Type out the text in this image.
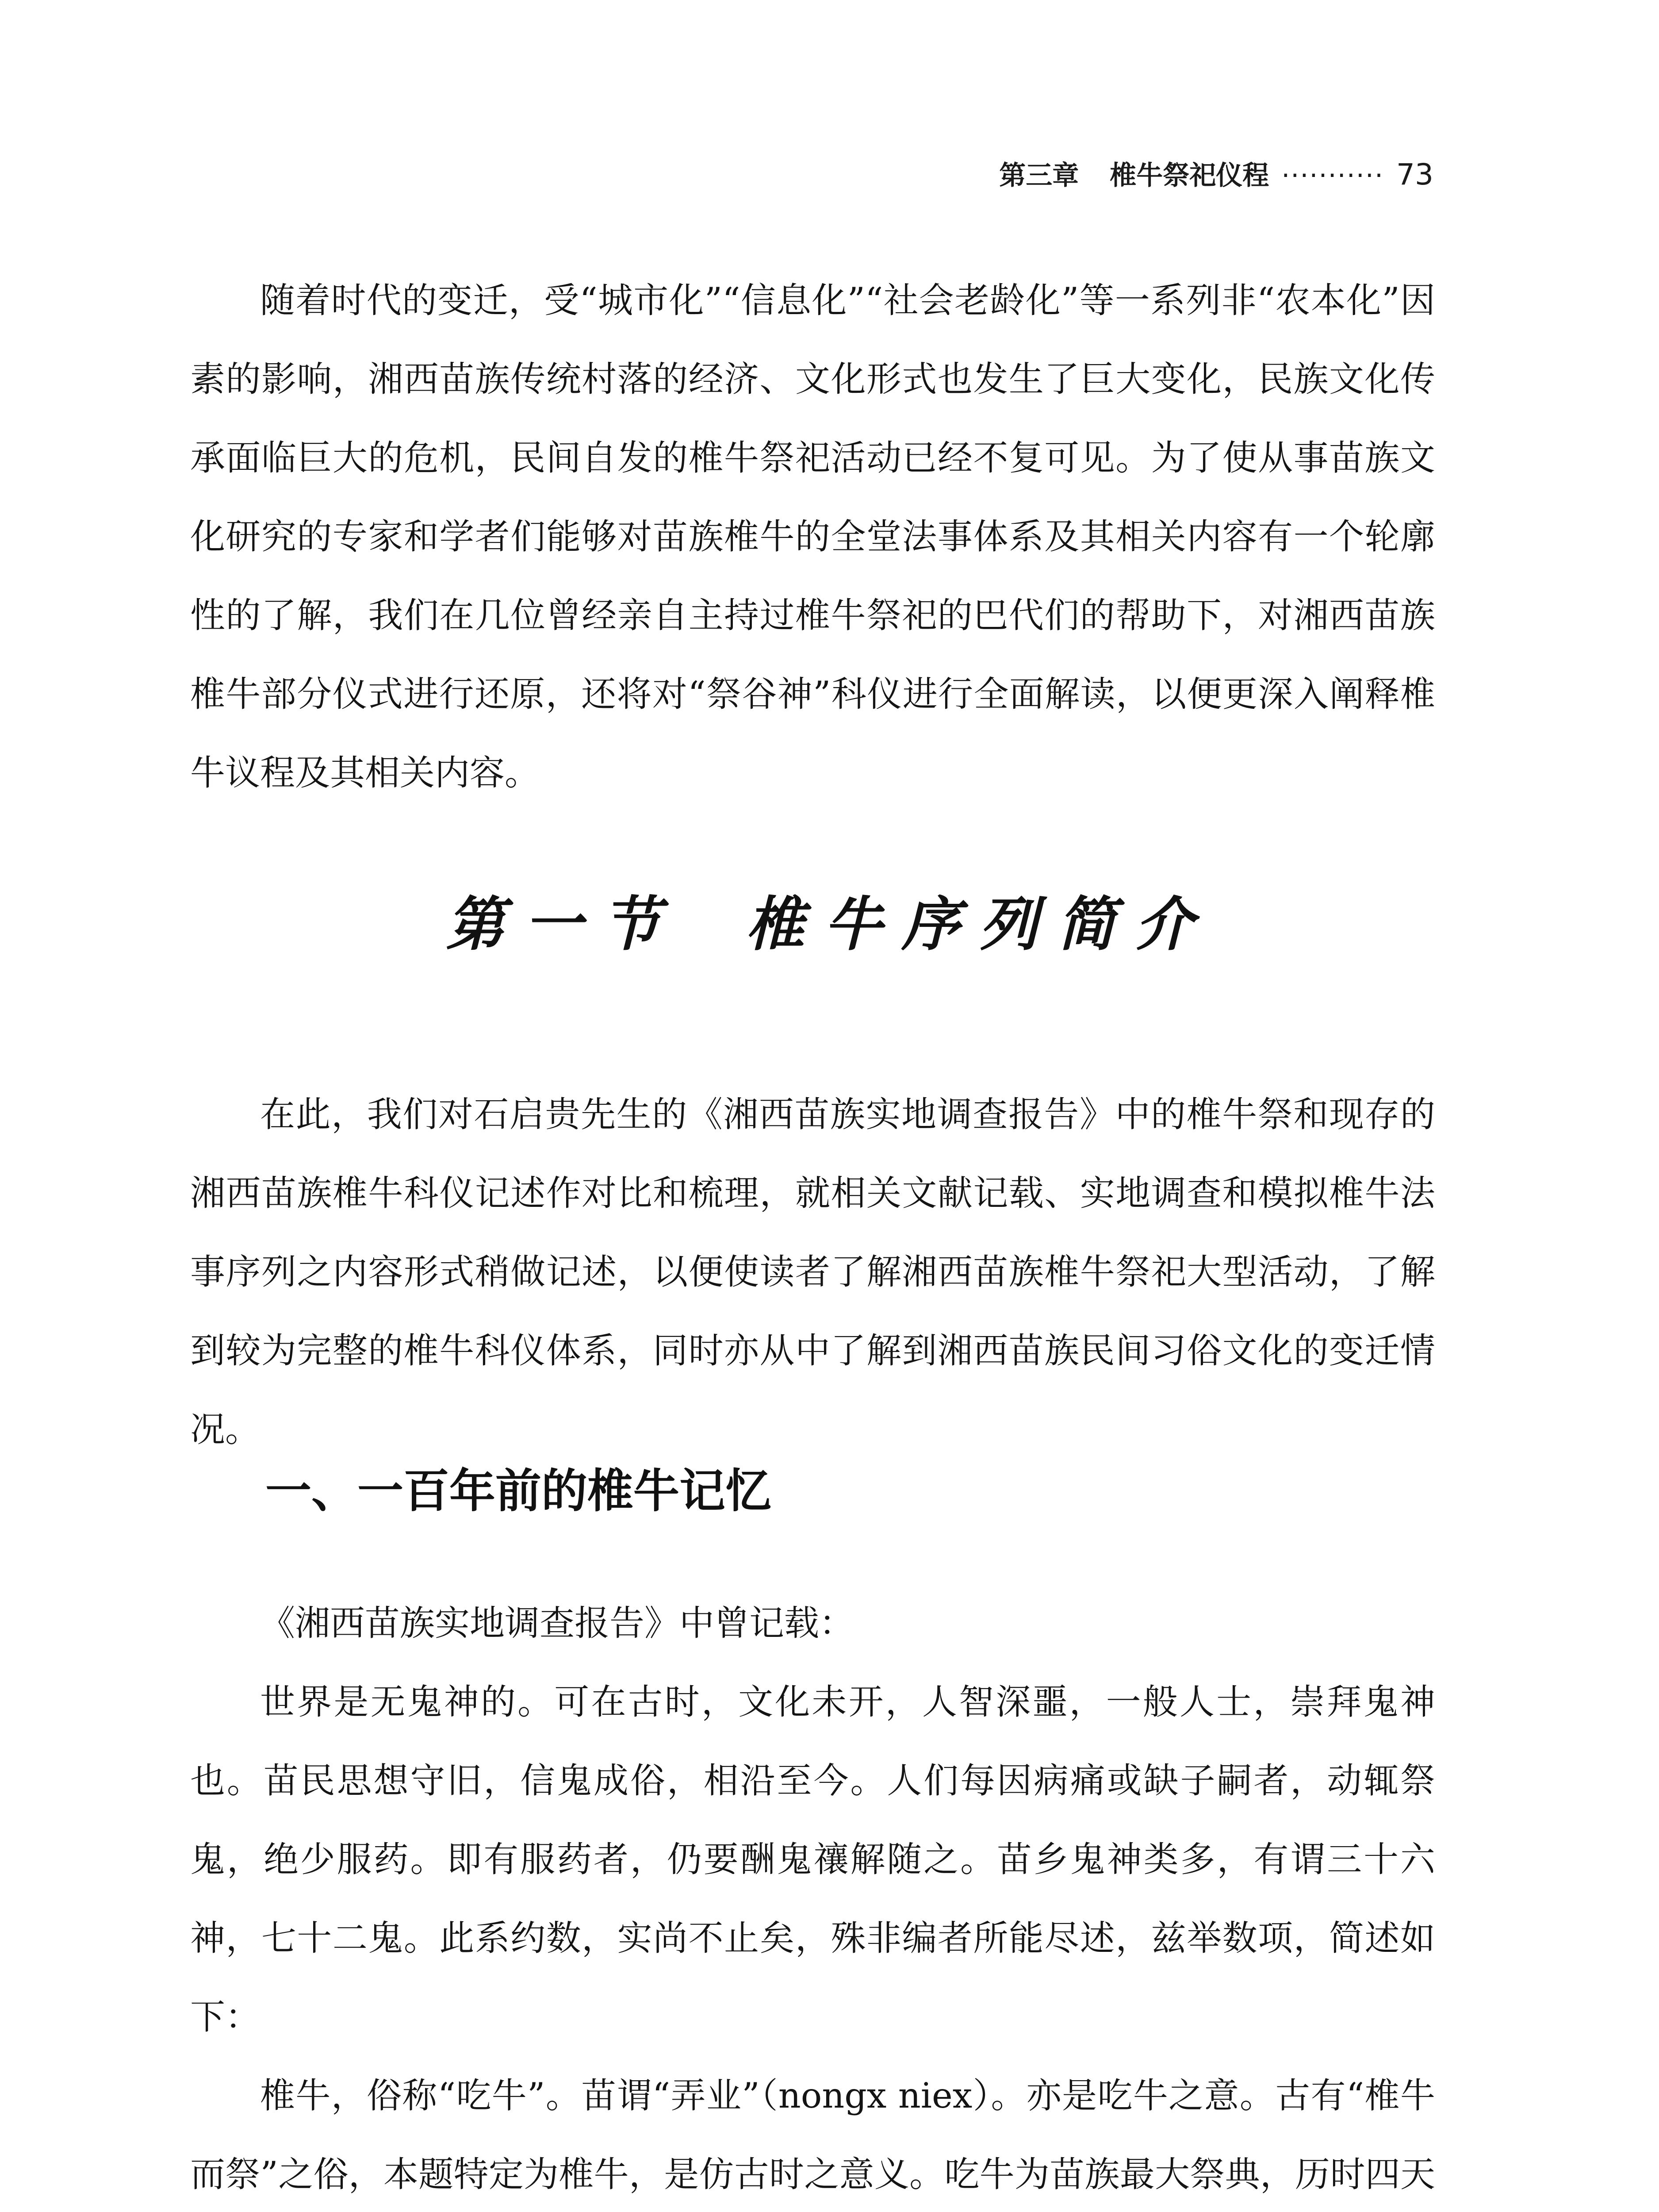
第三章 椎牛祭祀仪程 ··········· 73

随着时代的变迁，受“城市化”“信息化”“社会老龄化”等一系列非“农本化”因素的影响，湘西苗族传统村落的经济、文化形式也发生了巨大变化，民族文化传承面临巨大的危机，民间自发的椎牛祭祀活动已经不复可见。为了使从事苗族文化研究的专家和学者们能够对苗族椎牛的全堂法事体系及其相关内容有一个轮廓性的了解，我们在几位曾经亲自主持过椎牛祭祀的巴代们的帮助下，对湘西苗族椎牛部分仪式进行还原，还将对“祭谷神”科仪进行全面解读，以便更深入阐释椎牛议程及其相关内容。

第一节 椎牛序列简介

在此，我们对石启贵先生的《湘西苗族实地调查报告》中的椎牛祭和现存的湘西苗族椎牛科仪记述作对比和梳理，就相关文献记载、实地调查和模拟椎牛法事序列之内容形式稍做记述，以便使读者了解湘西苗族椎牛祭祀大型活动，了解到较为完整的椎牛科仪体系，同时亦从中了解到湘西苗族民间习俗文化的变迁情况。

一、一百年前的椎牛记忆

《湘西苗族实地调查报告》中曾记载：

世界是无鬼神的。可在古时，文化未开，人智深噩，一般人士，崇拜鬼神也。苗民思想守旧，信鬼成俗，相沿至今。人们每因病痛或缺子嗣者，动辄祭鬼，绝少服药。即有服药者，仍要酬鬼禳解随之。苗乡鬼神类多，有谓三十六神，七十二鬼。此系约数，实尚不止矣，殊非编者所能尽述，兹举数项，简述如下：

椎牛，俗称“吃牛”。苗谓“弄业”（nongx niex）。亦是吃牛之意。古有“椎牛而祭”之俗，本题特定为椎牛，是仿古时之意义。吃牛为苗族最大祭典，历时四天
